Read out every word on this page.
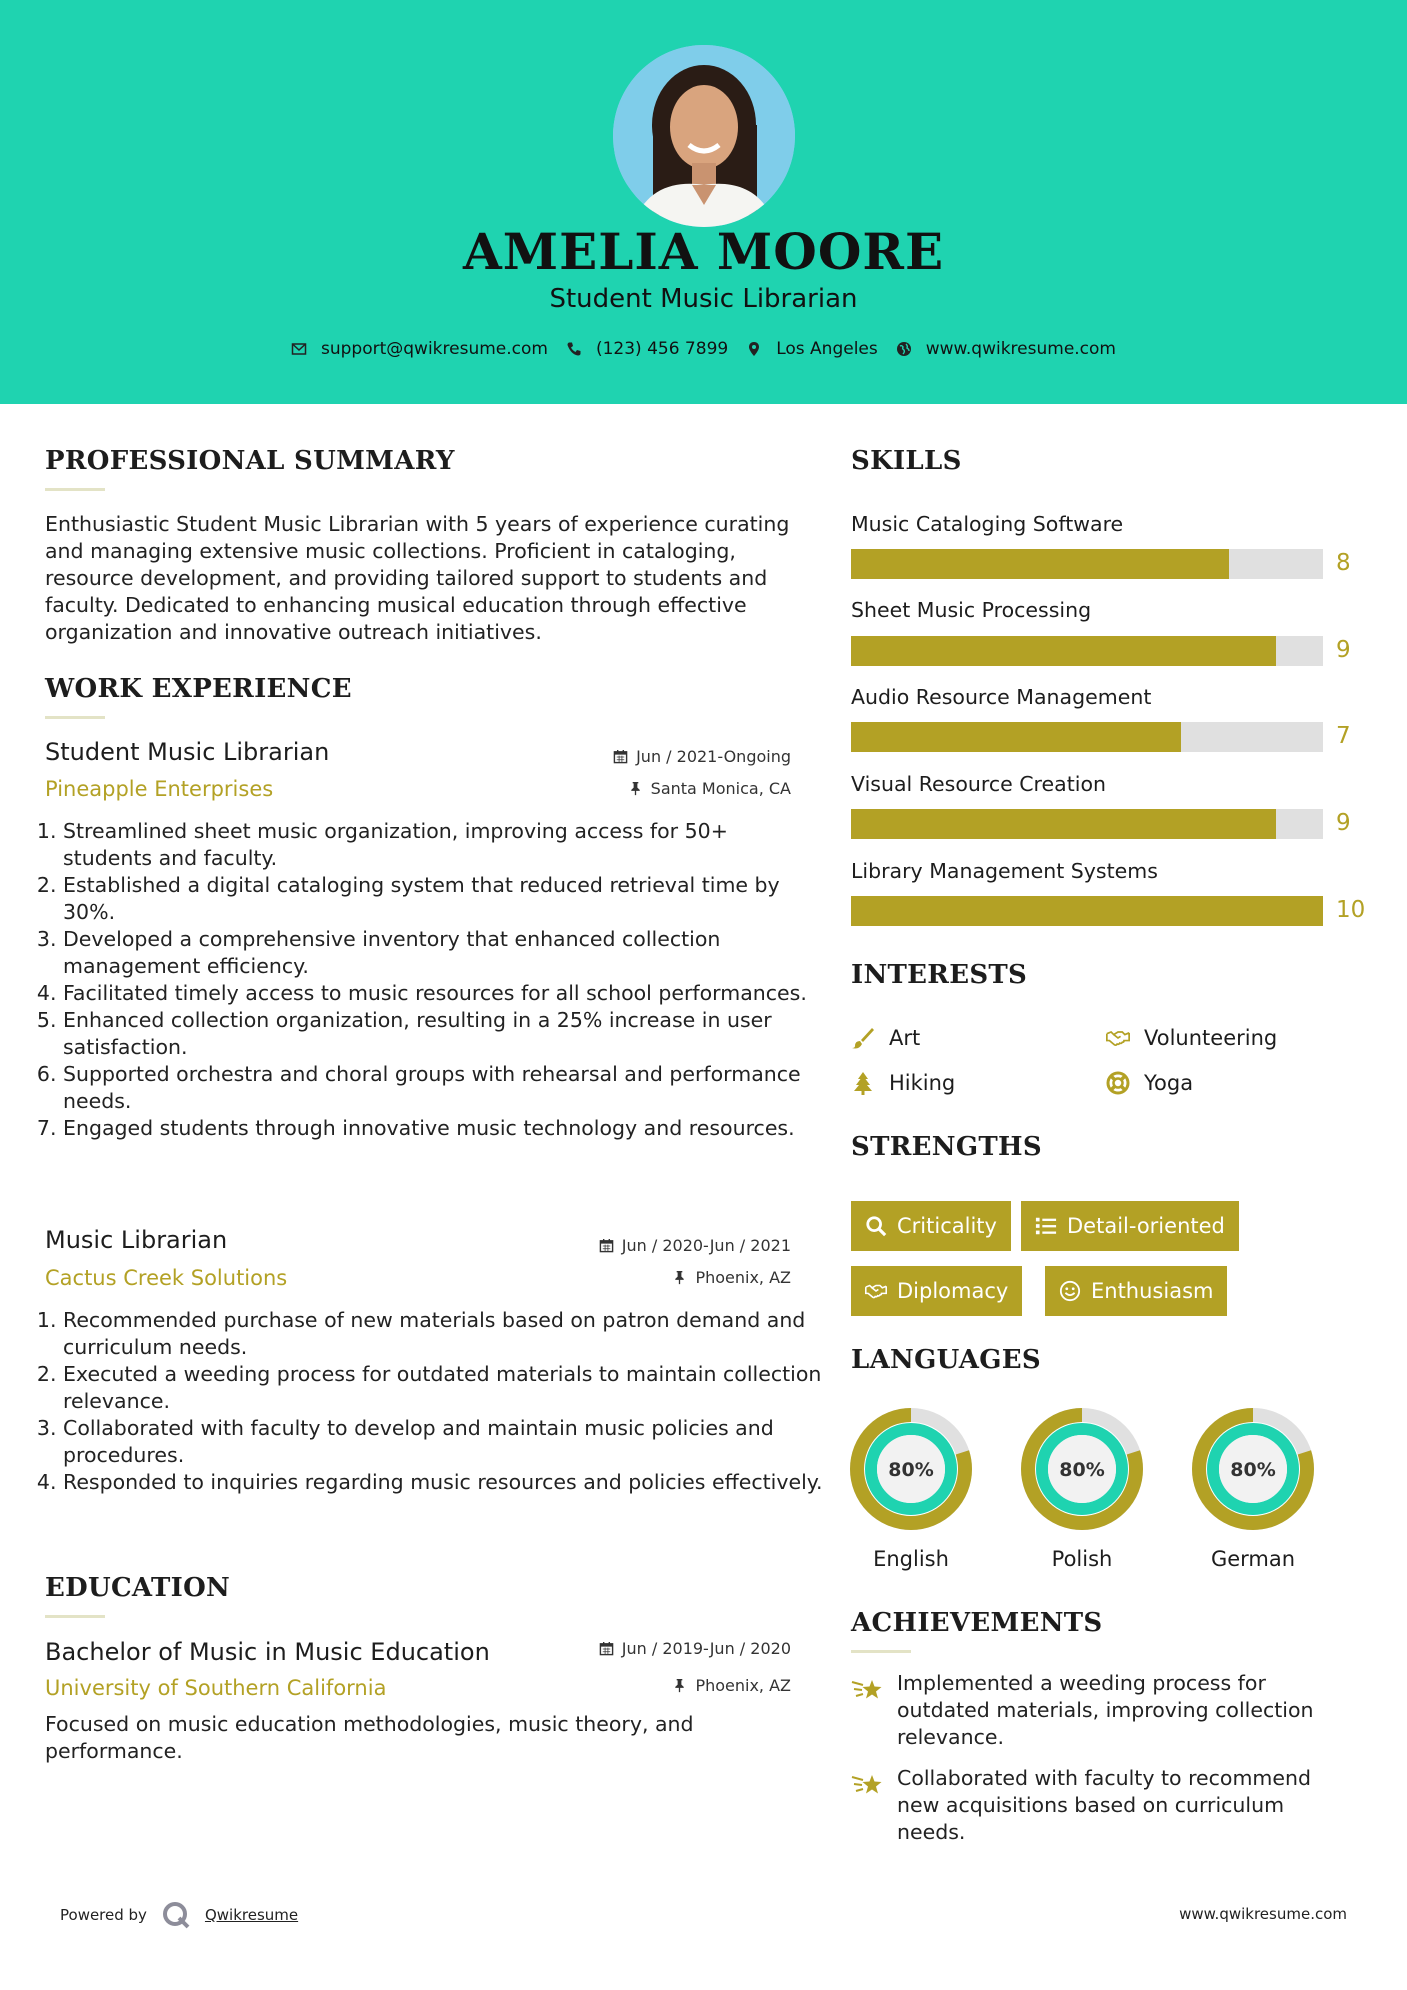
AMELIA MOORE
Student Music Librarian
support@qwikresume.com	(123) 456 7899	Los Angeles	www.qwikresume.com
PROFESSIONAL SUMMARY
Enthusiastic Student Music Librarian with 5 years of experience curating and managing extensive music collections. Proficient in cataloging, resource development, and providing tailored support to students and faculty. Dedicated to enhancing musical education through effective organization and innovative outreach initiatives.
WORK EXPERIENCE
Student Music Librarian	Jun / 2021-Ongoing
Pineapple Enterprises	Santa Monica, CA
1. Streamlined sheet music organization, improving access for 50+ students and faculty.
2. Established a digital cataloging system that reduced retrieval time by 30%.
3. Developed a comprehensive inventory that enhanced collection management efficiency.
4. Facilitated timely access to music resources for all school performances.
5. Enhanced collection organization, resulting in a 25% increase in user satisfaction.
6. Supported orchestra and choral groups with rehearsal and performance needs.
7. Engaged students through innovative music technology and resources.
Music Librarian	Jun / 2020-Jun / 2021
Cactus Creek Solutions	Phoenix, AZ
1. Recommended purchase of new materials based on patron demand and curriculum needs.
2. Executed a weeding process for outdated materials to maintain collection relevance.
3. Collaborated with faculty to develop and maintain music policies and procedures.
4. Responded to inquiries regarding music resources and policies effectively.
EDUCATION
Bachelor of Music in Music Education	Jun / 2019-Jun / 2020
University of Southern California	Phoenix, AZ
Focused on music education methodologies, music theory, and performance.
SKILLS
Music Cataloging Software
8
Sheet Music Processing
9
Audio Resource Management
7
Visual Resource Creation
9
Library Management Systems
10
INTERESTS
Art	Volunteering
Hiking	Yoga
STRENGTHS
Criticality	Detail-oriented
Diplomacy	Enthusiasm
LANGUAGES
80%
English
80%
Polish
80%
German
ACHIEVEMENTS
Implemented a weeding process for outdated materials, improving collection relevance.
Collaborated with faculty to recommend new acquisitions based on curriculum needs.
Powered by	Qwikresume	www.qwikresume.com
